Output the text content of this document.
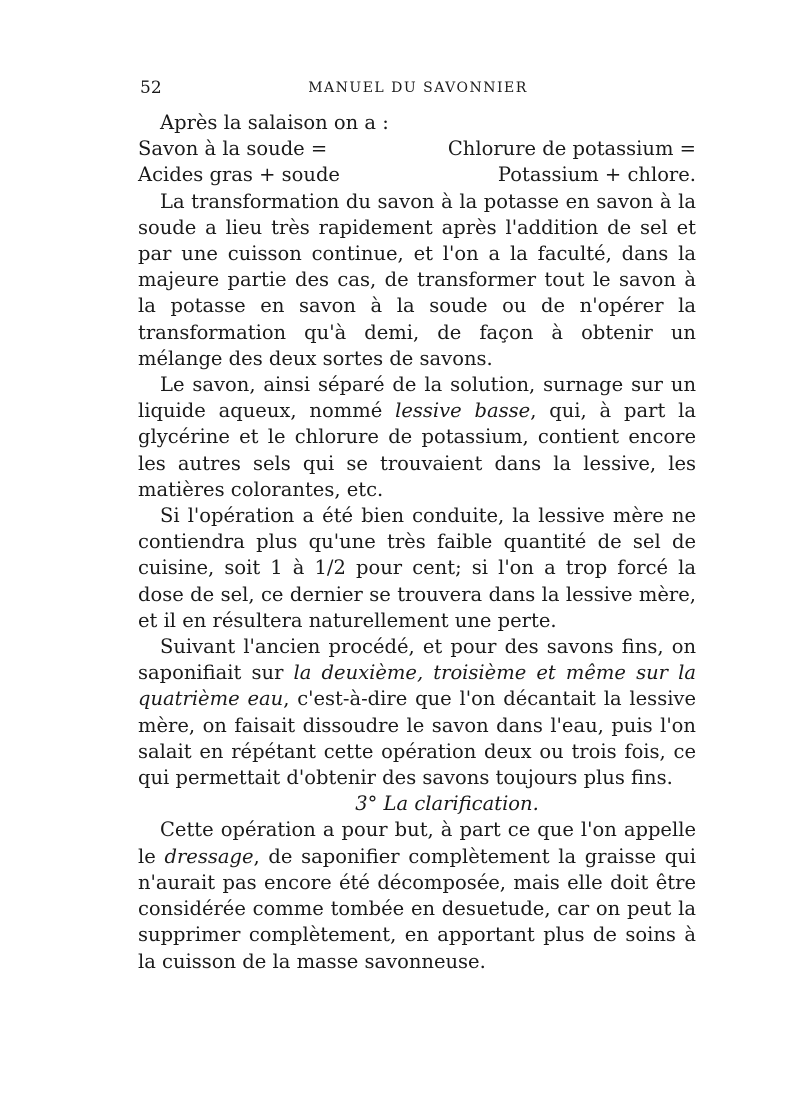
52	MANUEL DU SAVONNIER

Après la salaison on a :

Savon à la soude =	Chlorure de potassium =
Acides gras + soude	Potassium + chlore.

La transformation du savon à la potasse en savon à la soude a lieu très rapidement après l'addition de sel et par une cuisson continue, et l'on a la faculté, dans la majeure partie des cas, de transformer tout le savon à la potasse en savon à la soude ou de n'opérer la transformation qu'à demi, de façon à obtenir un mélange des deux sortes de savons.

Le savon, ainsi séparé de la solution, surnage sur un liquide aqueux, nommé lessive basse, qui, à part la glycérine et le chlorure de potassium, contient encore les autres sels qui se trouvaient dans la lessive, les matières colorantes, etc.

Si l'opération a été bien conduite, la lessive mère ne contiendra plus qu'une très faible quantité de sel de cuisine, soit 1 à 1/2 pour cent; si l'on a trop forcé la dose de sel, ce dernier se trouvera dans la lessive mère, et il en résultera naturellement une perte.

Suivant l'ancien procédé, et pour des savons fins, on saponifiait sur la deuxième, troisième et même sur la quatrième eau, c'est-à-dire que l'on décantait la lessive mère, on faisait dissoudre le savon dans l'eau, puis l'on salait en répétant cette opération deux ou trois fois, ce qui permettait d'obtenir des savons toujours plus fins.

3° La clarification.

Cette opération a pour but, à part ce que l'on appelle le dressage, de saponifier complètement la graisse qui n'aurait pas encore été décomposée, mais elle doit être considérée comme tombée en desuetude, car on peut la supprimer complètement, en apportant plus de soins à la cuisson de la masse savonneuse.
